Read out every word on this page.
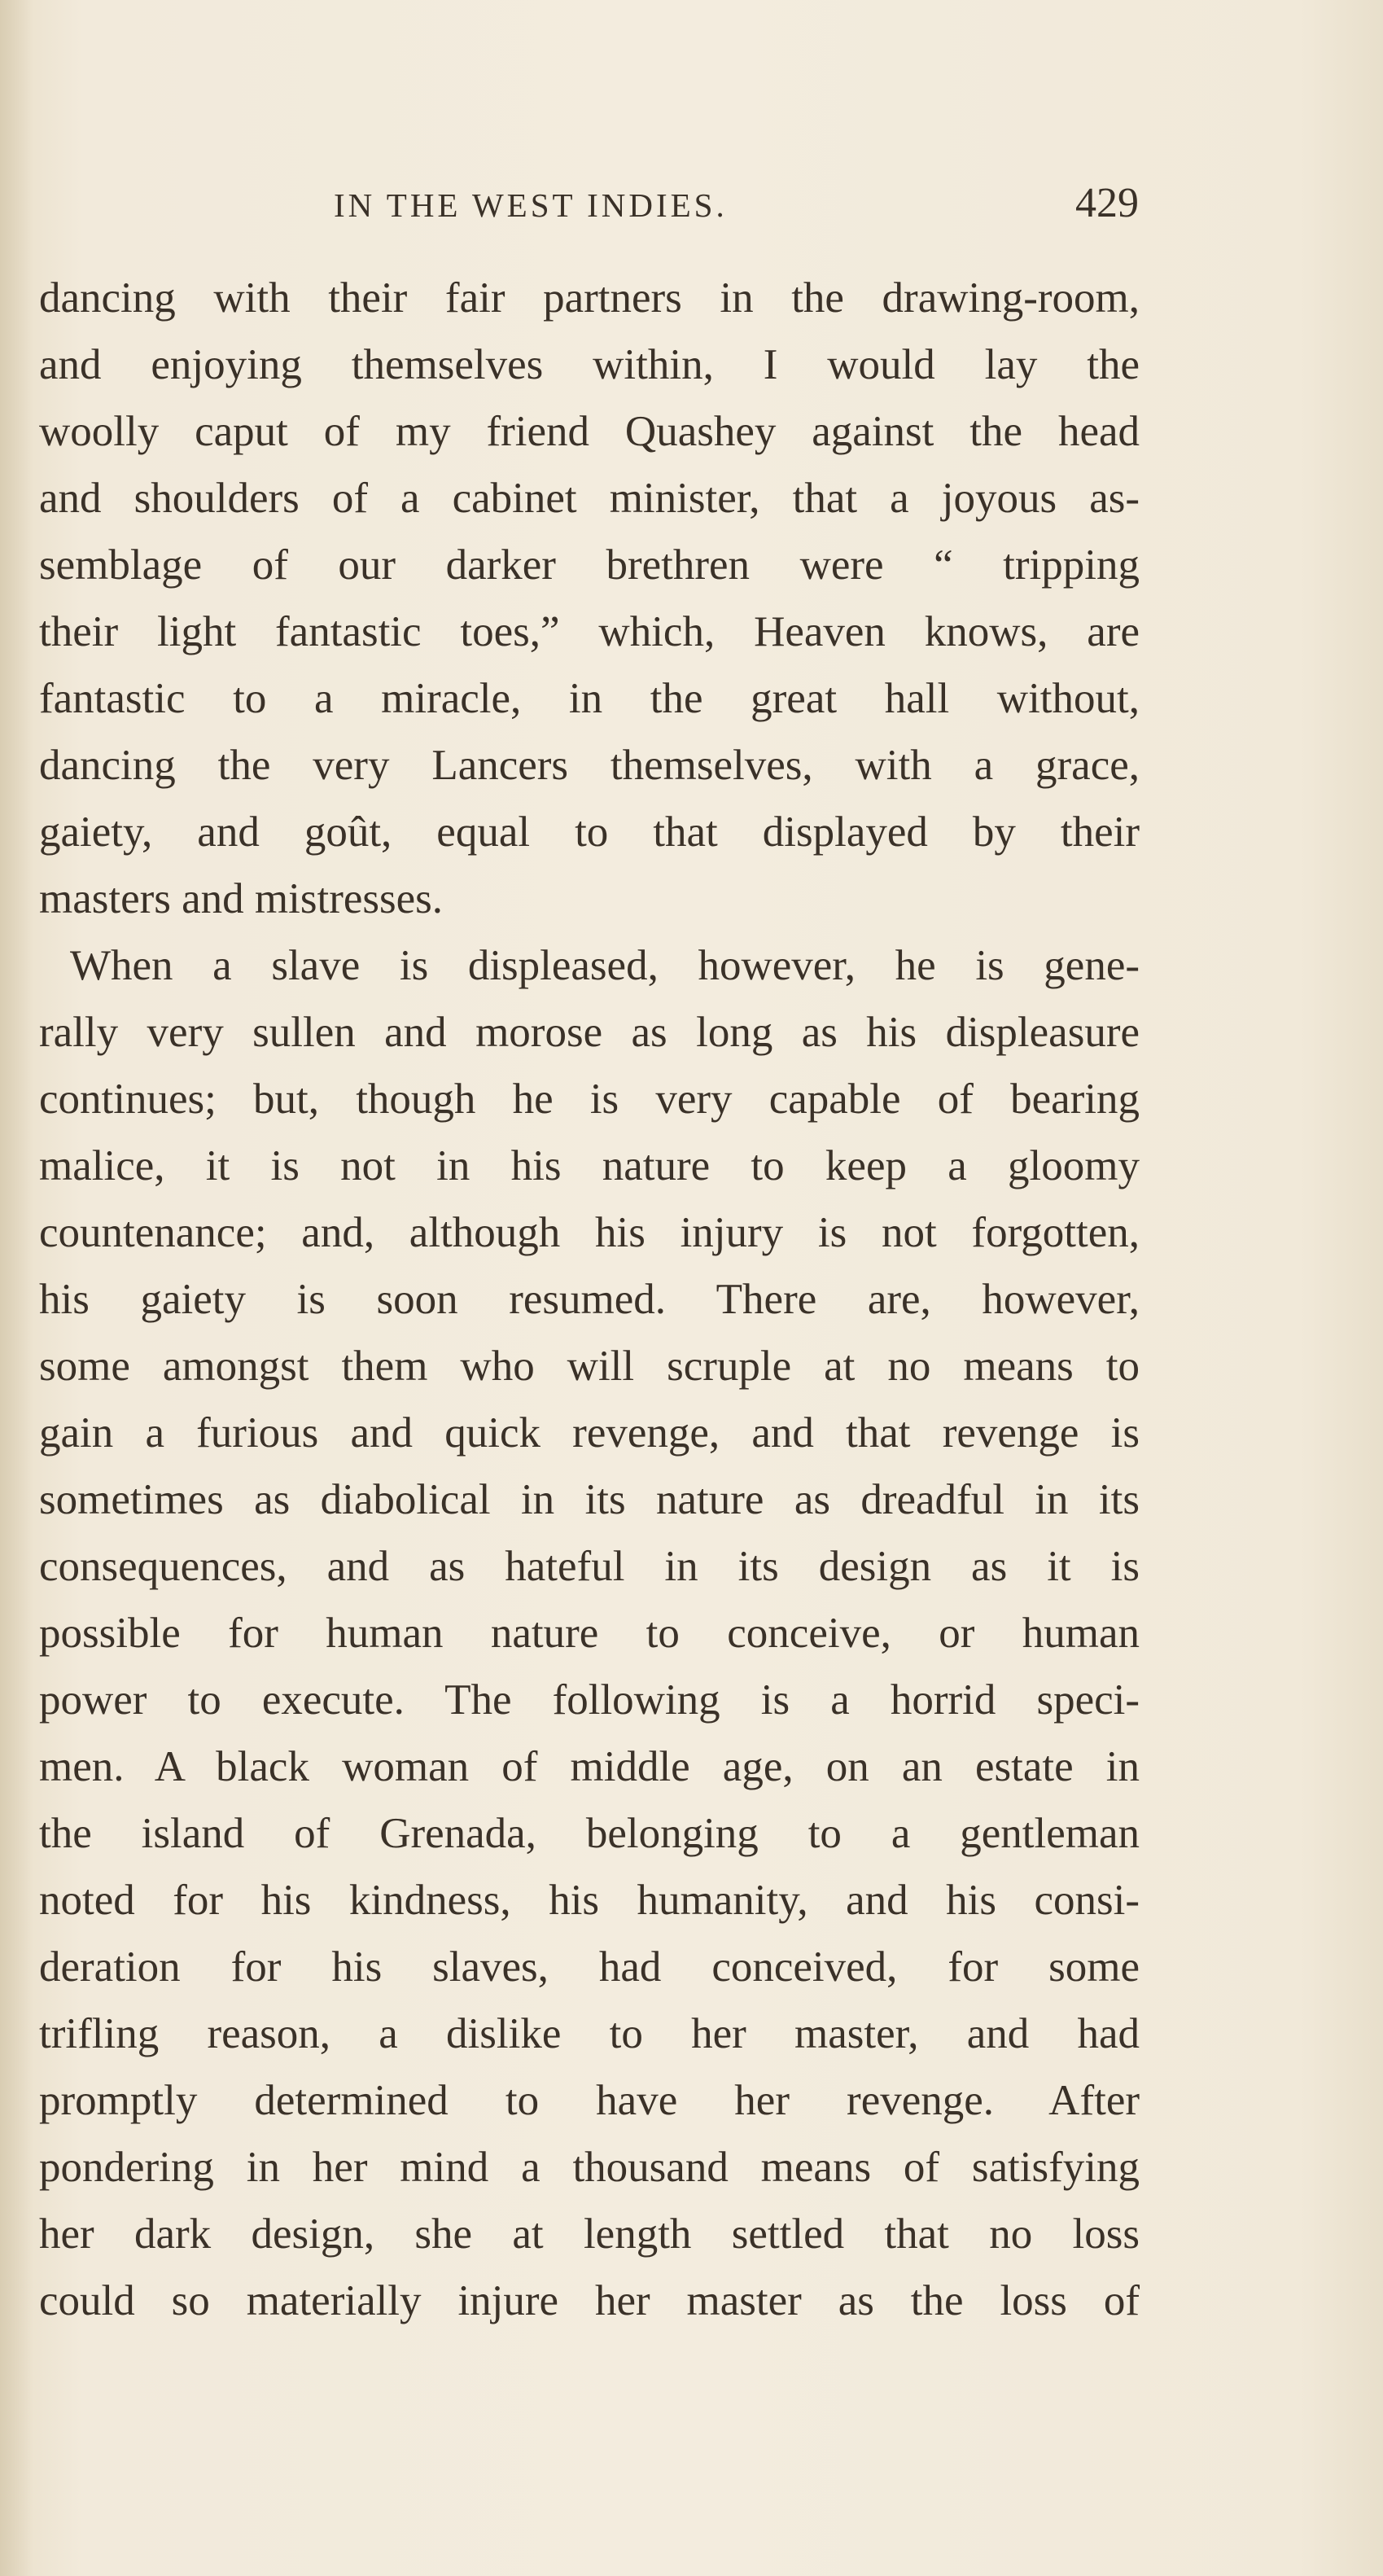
IN THE WEST INDIES.	429
dancing with their fair partners in the drawing-room,
and enjoying themselves within, I would lay the
woolly caput of my friend Quashey against the head
and shoulders of a cabinet minister, that a joyous as-
semblage of our darker brethren were “ tripping
their light fantastic toes,” which, Heaven knows, are
fantastic to a miracle, in the great hall without,
dancing the very Lancers themselves, with a grace,
gaiety, and goût, equal to that displayed by their
masters and mistresses.
When a slave is displeased, however, he is gene-
rally very sullen and morose as long as his displeasure
continues; but, though he is very capable of bearing
malice, it is not in his nature to keep a gloomy
countenance; and, although his injury is not forgotten,
his gaiety is soon resumed. There are, however,
some amongst them who will scruple at no means to
gain a furious and quick revenge, and that revenge is
sometimes as diabolical in its nature as dreadful in its
consequences, and as hateful in its design as it is
possible for human nature to conceive, or human
power to execute. The following is a horrid speci-
men. A black woman of middle age, on an estate in
the island of Grenada, belonging to a gentleman
noted for his kindness, his humanity, and his consi-
deration for his slaves, had conceived, for some
trifling reason, a dislike to her master, and had
promptly determined to have her revenge. After
pondering in her mind a thousand means of satisfying
her dark design, she at length settled that no loss
could so materially injure her master as the loss of
